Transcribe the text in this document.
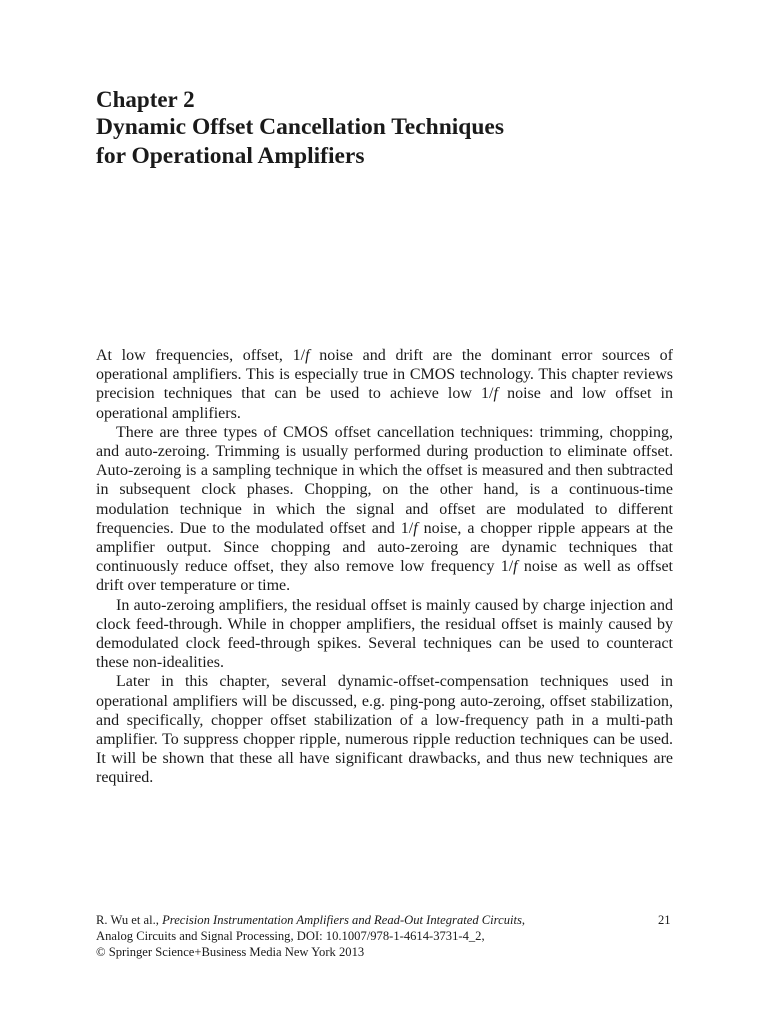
Chapter 2
Dynamic Offset Cancellation Techniques
for Operational Amplifiers

At low frequencies, offset, 1/f noise and drift are the dominant error sources of operational amplifiers. This is especially true in CMOS technology. This chapter reviews precision techniques that can be used to achieve low 1/f noise and low offset in operational amplifiers.

There are three types of CMOS offset cancellation techniques: trimming, chopping, and auto-zeroing. Trimming is usually performed during production to eliminate offset. Auto-zeroing is a sampling technique in which the offset is measured and then subtracted in subsequent clock phases. Chopping, on the other hand, is a continuous-time modulation technique in which the signal and offset are modulated to different frequencies. Due to the modulated offset and 1/f noise, a chopper ripple appears at the amplifier output. Since chopping and auto-zeroing are dynamic techniques that continuously reduce offset, they also remove low frequency 1/f noise as well as offset drift over temperature or time.

In auto-zeroing amplifiers, the residual offset is mainly caused by charge injection and clock feed-through. While in chopper amplifiers, the residual offset is mainly caused by demodulated clock feed-through spikes. Several techniques can be used to counteract these non-idealities.

Later in this chapter, several dynamic-offset-compensation techniques used in operational amplifiers will be discussed, e.g. ping-pong auto-zeroing, offset stabilization, and specifically, chopper offset stabilization of a low-frequency path in a multi-path amplifier. To suppress chopper ripple, numerous ripple reduction techniques can be used. It will be shown that these all have significant drawbacks, and thus new techniques are required.

R. Wu et al., Precision Instrumentation Amplifiers and Read-Out Integrated Circuits,
Analog Circuits and Signal Processing, DOI: 10.1007/978-1-4614-3731-4_2,
© Springer Science+Business Media New York 2013
21
